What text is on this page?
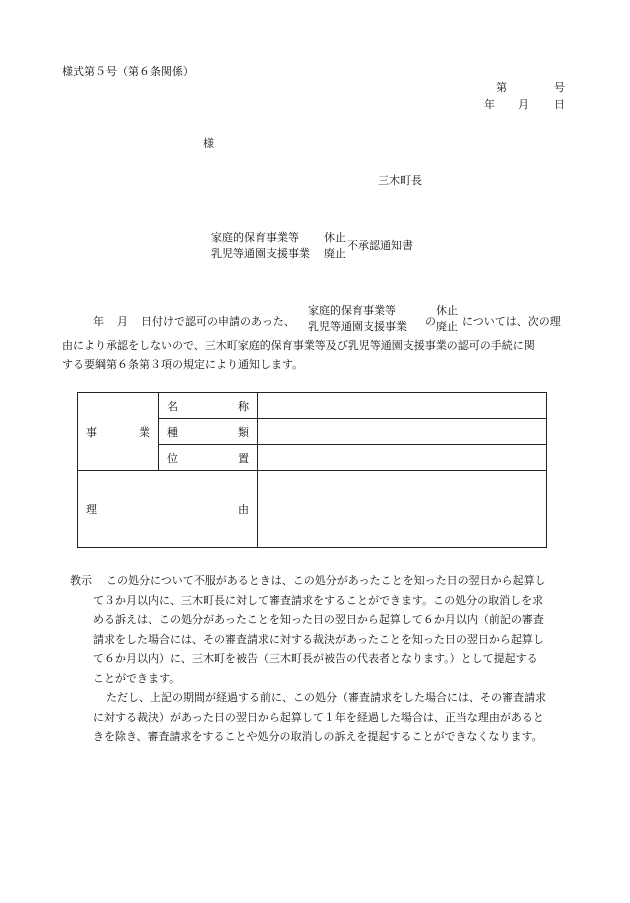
様式第５号（第６条関係）
第	号
年 月 日
様
三木町長
家庭的保育事業等
乳児等通園支援事業
休止
廃止
不承認通知書
年 月 日付けで認可の申請のあった、
家庭的保育事業等
乳児等通園支援事業 の
休止
廃止 については、次の理
由により承認をしないので、三木町家庭的保育事業等及び乳児等通園支援事業の認可の手続に関
する要綱第６条第３項の規定により通知します。
事 業	名 称	

	種 類	

	位 置	

理 由		

教示 この処分について不服があるときは、この処分があったことを知った日の翌日から起算し
て３か月以内に、三木町長に対して審査請求をすることができます。この処分の取消しを求
める訴えは、この処分があったことを知った日の翌日から起算して６か月以内（前記の審査
請求をした場合には、その審査請求に対する裁決があったことを知った日の翌日から起算し
て６か月以内）に、三木町を被告（三木町長が被告の代表者となります。）として提起する
ことができます。
ただし、上記の期間が経過する前に、この処分（審査請求をした場合には、その審査請求
に対する裁決）があった日の翌日から起算して１年を経過した場合は、正当な理由があると
きを除き、審査請求をすることや処分の取消しの訴えを提起することができなくなります。
